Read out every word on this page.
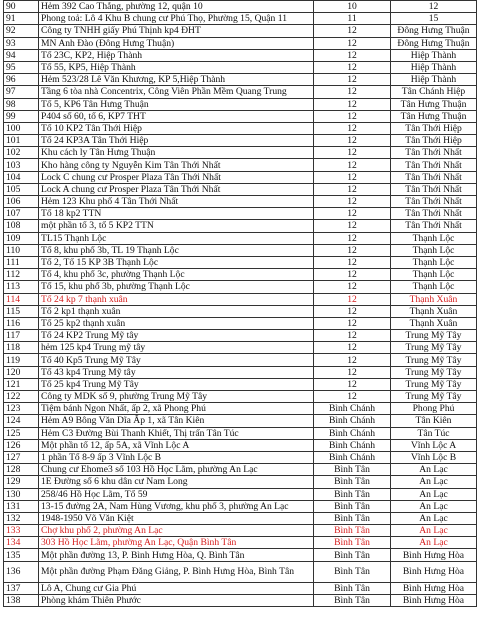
90	Hẻm 392 Cao Thắng, phường 12, quận 10	10	12
91	Phong toả: Lô 4 Khu B chung cư Phú Thọ, Phường 15, Quận 11	11	15
92	Công ty TNHH giấy Phú Thịnh kp4 ĐHT	12	Đông Hưng Thuận
93	MN Anh Đào (Đông Hưng Thuận)	12	Đông Hưng Thuận
94	Tổ 23C, KP2, Hiệp Thành	12	Hiệp Thành
95	Tổ 55, KP5, Hiệp Thành	12	Hiệp Thành
96	Hẻm 523/28 Lê Văn Khương, KP 5,Hiệp Thành	12	Hiệp Thành
97	Tầng 6 tòa nhà Concentrix, Công Viên Phần Mềm Quang Trung	12	Tân Chánh Hiệp
98	Tổ 5, KP6 Tân Hưng Thuận	12	Tân Hưng Thuận
99	P404 số 60, tổ 6, KP7 THT	12	Tân Hưng Thuận
100	Tổ 10 KP2 Tân Thới Hiệp	12	Tân Thới Hiệp
101	Tổ 24 KP3A Tân Thới Hiệp	12	Tân Thới Hiệp
102	Khu cách ly Tân Hưng Thuận	12	Tân Thới Nhất
103	Kho hàng công ty Nguyễn Kim Tân Thới Nhất	12	Tân Thới Nhất
104	Lock C chung cư Prosper Plaza Tân Thới Nhất	12	Tân Thới Nhất
105	Lock A chung cư Prosper Plaza Tân Thới Nhất	12	Tân Thới Nhất
106	Hẻm 123 Khu phố 4 Tân Thới Nhất	12	Tân Thới Nhất
107	Tổ 18 kp2 TTN	12	Tân Thới Nhất
108	một phần tổ 3, tổ 5 KP2 TTN	12	Tân Thới Nhất
109	TL15 Thạnh Lộc	12	Thạnh Lộc
110	Tổ 8, khu phố 3b, TL 19 Thạnh Lộc	12	Thạnh Lộc
111	Tổ 2, Tổ 15 KP 3B Thạnh Lộc	12	Thạnh Lộc
112	Tổ 4, khu phố 3c, phường Thạnh Lộc	12	Thạnh Lộc
113	Tổ 15, khu phố 3b, phường Thạnh Lộc	12	Thạnh Lộc
114	Tổ 24 kp 7 thạnh xuân	12	Thạnh Xuân
115	Tổ 2 kp1 thạnh xuân	12	Thạnh Xuân
116	Tổ 25 kp2 thạnh xuân	12	Thạnh Xuân
117	Tổ 24 KP2 Trung Mỹ tây	12	Trung Mỹ Tây
118	hẻm 125 kp4 Trung mỹ tây	12	Trung Mỹ Tây
119	Tổ 40 Kp5 Trung Mỹ Tây	12	Trung Mỹ Tây
120	Tổ 43 kp4 Trung Mỹ tây	12	Trung Mỹ Tây
121	Tổ 25 kp4 Trung Mỹ Tây	12	Trung Mỹ Tây
122	Công ty MDK số 9, phường Trung Mỹ Tây	12	Trung Mỹ Tây
123	Tiệm bánh Ngon Nhất, ấp 2, xã Phong Phú	Bình Chánh	Phong Phú
124	Hẻm A9 Bông Văn Dĩa Ấp 1, xã Tân Kiên	Bình Chánh	Tân Kiên
125	Hẻm C3 Đường Bùi Thanh Khiết, Thị trấn Tân Túc	Bình Chánh	Tân Túc
126	Một phần tổ 12, ấp 5A, xã Vĩnh Lộc A	Bình Chánh	Vĩnh Lộc A
127	1 phần Tổ 8-9 ấp 3 Vĩnh Lộc B	Bình Chánh	Vĩnh Lộc B
128	Chung cư Ehome3 số 103 Hồ Học Lãm, phường An Lạc	Bình Tân	An Lạc
129	1E Đường số 6 khu dân cư Nam Long	Bình Tân	An Lạc
130	258/46 Hồ Học Lãm, Tổ 59	Bình Tân	An Lạc
131	13-15 đường 2A, Nam Hùng Vương, khu phố 3, phường An Lạc	Bình Tân	An Lạc
132	1948-1950 Võ Văn Kiệt	Bình Tân	An Lạc
133	Chợ khu phố 2, phường An Lạc	Bình Tân	An Lạc
134	303 Hồ Học Lãm, phường An Lạc, Quận Bình Tân	Bình Tân	An Lạc
135	Một phần đường 13, P. Bình Hưng Hòa, Q. Bình Tân	Bình Tân	Bình Hưng Hòa
136	Một phần đường Phạm Đăng Giảng, P. Bình Hưng Hòa, Bình Tân	Bình Tân	Bình Hưng Hòa
137	Lô A, Chung cư Gia Phú	Bình Tân	Bình Hưng Hòa
138	Phòng khám Thiên Phước	Bình Tân	Bình Hưng Hòa
